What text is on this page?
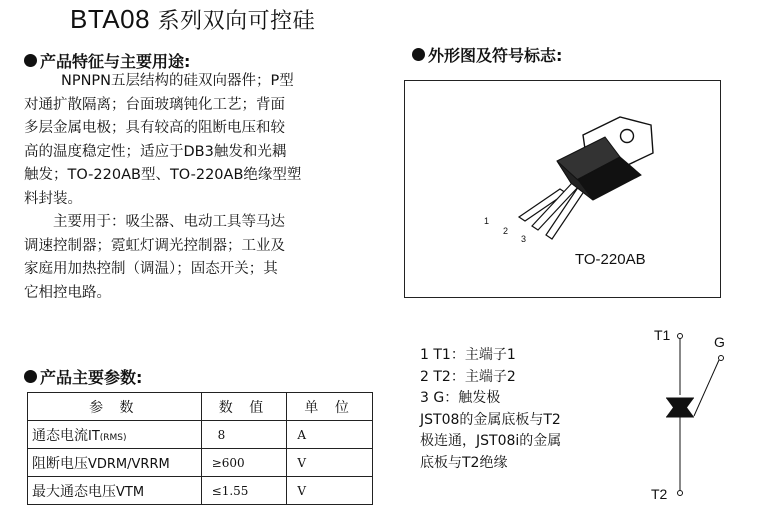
BTA08 系列双向可控硅
产品特征与主要用途:

NPNPN五层结构的硅双向器件；P型

对通扩散隔离；台面玻璃钝化工艺；背面

多层金属电极；具有较高的阻断电压和较

高的温度稳定性；适应于DB3触发和光耦

触发；TO-220AB型、TO-220AB绝缘型塑

料封装。

主要用于：吸尘器、电动工具等马达

调速控制器；霓虹灯调光控制器；工业及

家庭用加热控制（调温）；固态开关；其

它相控电路。

外形图及符号标志:
1
2
3
TO-220AB
产品主要参数:
参 数	数 值	单 位
通态电流IT(RMS)	8	A
阻断电压VDRM/VRRM	≥600	V
最大通态电压VTM	≤1.55	V
1 T1：主端子1
2 T2：主端子2
3 G：触发极
JST08的金属底板与T2
极连通，JST08i的金属
底板与T2绝缘
T1	G
T2
